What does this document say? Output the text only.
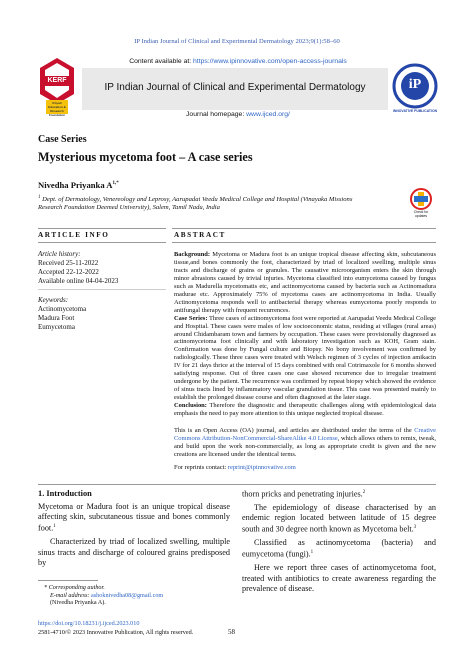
IP Indian Journal of Clinical and Experimental Dermatology 2023;9(1):58–60
KERF
Khyati Education & Research Foundation
Content available at: https://www.ipinnovative.com/open-access-journals
IP Indian Journal of Clinical and Experimental Dermatology
Journal homepage: www.ijced.org/
iP
INNOVATIVE PUBLICATION
Case Series
Mysterious mycetoma foot – A case series
Nivedha Priyanka $A^{1,*}$
$^1$ Dept. of Dermatology, Venereology and Leprosy, Aarupadai Veedu Medical College and Hospital (Vinayaka Missions Research Foundation Deemed University), Salem, Tamil Nadu, India
Check for updates
ARTICLE INFO
Article history:
Received 25-11-2022
Accepted 22-12-2022
Available online 04-04-2023
Keywords:
Actinomycetoma
Madura Foot
Eumycetoma
ABSTRACT
Background: Mycetoma or Madura foot is an unique tropical disease affecting skin, subcutaneous tissue,and bones commonly the foot, characterized by triad of localized swelling, multiple sinus tracts and discharge of grains or granules. The causative microorganism enters the skin through minor abrasions caused by trivial injuries. Mycetoma classified into eumycetoma caused by fungus such as Madurella mycetomatis etc, and actinomycetoma caused by bacteria such as Actinomadura madurae etc. Approximately 75% of mycetoma cases are actinomycetoma in India. Usually Actinomycetoma responds well to antibacterial therapy whereas eumycetoma poorly responds to antifungal therapy with frequent recurrences.
Case Series: Three cases of actinomycetoma foot were reported at Aarupadai Veedu Medical College and Hospital. These cases were males of low socioeconomic status, residing at villages (rural areas) around Chidambaram town and farmers by occupation. These cases were provisionally diagnosed as actinomycetoma foot clinically and with laboratory investigation such as KOH, Gram stain. Confirmation was done by Fungal culture and Biopsy. No bony involvement was confirmed by radiologically. These three cases were treated with Welsch regimen of 3 cycles of injection amikacin IV for 21 days thrice at the interval of 15 days combined with oral Cotrimaxole for 6 months showed satisfying response. Out of three cases one case showed recurrence due to irregular treatment undergone by the patient. The recurrence was confirmed by repeat biopsy which showed the evidence of sinus tracts lined by inflammatory vascular granulation tissue. This case was presented mainly to establish the prolonged disease course and often diagnosed at the later stage.
Conclusion: Therefore the diagnostic and therapeutic challenges along with epidemiological data emphasis the need to pay more attention to this unique neglected tropical disease.
This is an Open Access (OA) journal, and articles are distributed under the terms of the Creative Commons Attribution-NonCommercial-ShareAlike 4.0 License, which allows others to remix, tweak, and build upon the work non-commercially, as long as appropriate credit is given and the new creations are licensed under the identical terms.
For reprints contact: reprint@ipinnovative.com
1. Introduction
Mycetoma or Madura foot is an unique tropical disease affecting skin, subcutaneous tissue and bones commonly foot.$^1$
Characterized by triad of localized swelling, multiple sinus tracts and discharge of coloured grains predisposed by
* Corresponding author.
E-mail address: ashoknivedha08@gmail.com
(Nivedha Priyanka A).
thorn pricks and penetrating injuries.$^2$
The epidemiology of disease characterised by an endemic region located between latitude of 15 degree south and 30 degree north known as Mycetoma belt.$^3$
Classified as actinomycetoma (bacteria) and eumycetoma (fungi).$^1$
Here we report three cases of actinomycetoma foot, treated with antibiotics to create awareness regarding the prevalence of disease.
https://doi.org/10.18231/j.ijced.2023.010
2581-4710/© 2023 Innovative Publication, All rights reserved.	58
